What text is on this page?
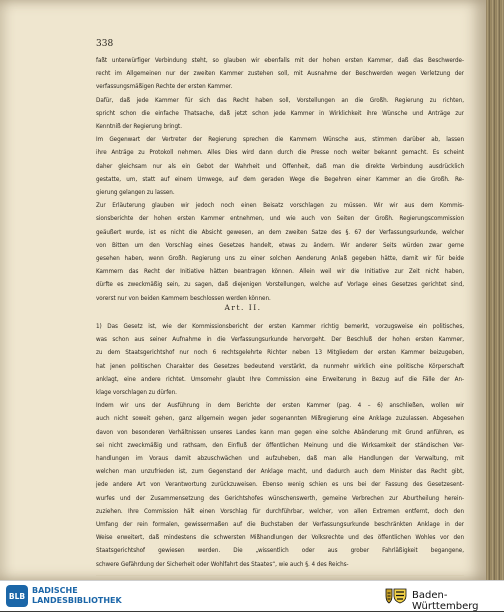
338
faßt unterwürfiger Verbindung steht, so glauben wir ebenfalls mit der hohen ersten Kammer, daß das Beschwerde-
recht im Allgemeinen nur der zweiten Kammer zustehen soll, mit Ausnahme der Beschwerden wegen Verletzung der
verfassungsmäßigen Rechte der ersten Kammer.
Dafür, daß jede Kammer für sich das Recht haben soll, Vorstellungen an die Großh. Regierung zu richten,
spricht schon die einfache Thatsache, daß jetzt schon jede Kammer in Wirklichkeit ihre Wünsche und Anträge zur
Kenntniß der Regierung bringt.
Im Gegenwart der Vertreter der Regierung sprechen die Kammern Wünsche aus, stimmen darüber ab, lassen
ihre Anträge zu Protokoll nehmen. Alles Dies wird dann durch die Presse noch weiter bekannt gemacht. Es scheint
daher gleichsam nur als ein Gebot der Wahrheit und Offenheit, daß man die direkte Verbindung ausdrücklich
gestatte, um, statt auf einem Umwege, auf dem geraden Wege die Begehren einer Kammer an die Großh. Re-
gierung gelangen zu lassen.
Zur Erläuterung glauben wir jedoch noch einen Beisatz vorschlagen zu müssen. Wir wir aus dem Kommis-
sionsberichte der hohen ersten Kammer entnehmen, und wie auch von Seiten der Großh. Regierungscommission
geäußert wurde, ist es nicht die Absicht gewesen, an dem zweiten Satze des §. 67 der Verfassungsurkunde, welcher
von Bitten um den Vorschlag eines Gesetzes handelt, etwas zu ändern. Wir anderer Seits würden zwar gerne
gesehen haben, wenn Großh. Regierung uns zu einer solchen Aenderung Anlaß gegeben hätte, damit wir für beide
Kammern das Recht der Initiative hätten beantragen können. Allein weil wir die Initiative zur Zeit nicht haben,
dürfte es zweckmäßig sein, zu sagen, daß diejenigen Vorstellungen, welche auf Vorlage eines Gesetzes gerichtet sind,
vorerst nur von beiden Kammern beschlossen werden können.
Art. II.
1) Das Gesetz ist, wie der Kommissionsbericht der ersten Kammer richtig bemerkt, vorzugsweise ein politisches,
was schon aus seiner Aufnahme in die Verfassungsurkunde hervorgeht. Der Beschluß der hohen ersten Kammer,
zu dem Staatsgerichtshof nur noch 6 rechtsgelehrte Richter neben 13 Mitgliedern der ersten Kammer beizugeben,
hat jenen politischen Charakter des Gesetzes bedeutend verstärkt, da nunmehr wirklich eine politische Körperschaft
anklagt, eine andere richtet. Umsomehr glaubt Ihre Commission eine Erweiterung in Bezug auf die Fälle der An-
klage vorschlagen zu dürfen.
Indem wir uns der Ausführung in dem Berichte der ersten Kammer (pag. 4 – 6) anschließen, wollen wir
auch nicht soweit gehen, ganz allgemein wegen jeder sogenannten Mißregierung eine Anklage zuzulassen. Abgesehen
davon von besonderen Verhältnissen unseres Landes kann man gegen eine solche Abänderung mit Grund anführen, es
sei nicht zweckmäßig und rathsam, den Einfluß der öffentlichen Meinung und die Wirksamkeit der ständischen Ver-
handlungen im Voraus damit abzuschwächen und aufzuheben, daß man alle Handlungen der Verwaltung, mit
welchen man unzufrieden ist, zum Gegenstand der Anklage macht, und dadurch auch dem Minister das Recht gibt,
jede andere Art von Verantwortung zurückzuweisen. Ebenso wenig schien es uns bei der Fassung des Gesetzesent-
wurfes und der Zusammensetzung des Gerichtshofes wünschenswerth, gemeine Verbrechen zur Aburtheilung herein-
zuziehen. Ihre Commission hält einen Vorschlag für durchführbar, welcher, von allen Extremen entfernt, doch den
Umfang der rein formalen, gewissermaßen auf die Buchstaben der Verfassungsurkunde beschränkten Anklage in der
Weise erweitert, daß mindestens die schwersten Mißhandlungen der Volksrechte und des öffentlichen Wohles vor den
Staatsgerichtshof gewiesen werden. Die „wissentlich oder aus grober Fahrläßigkeit begangene,
schwere Gefährdung der Sicherheit oder Wohlfahrt des Staates“, wie auch §. 4 des Reichs-
BLB
BADISCHE
LANDESBIBLIOTHEK	Baden-Württemberg
